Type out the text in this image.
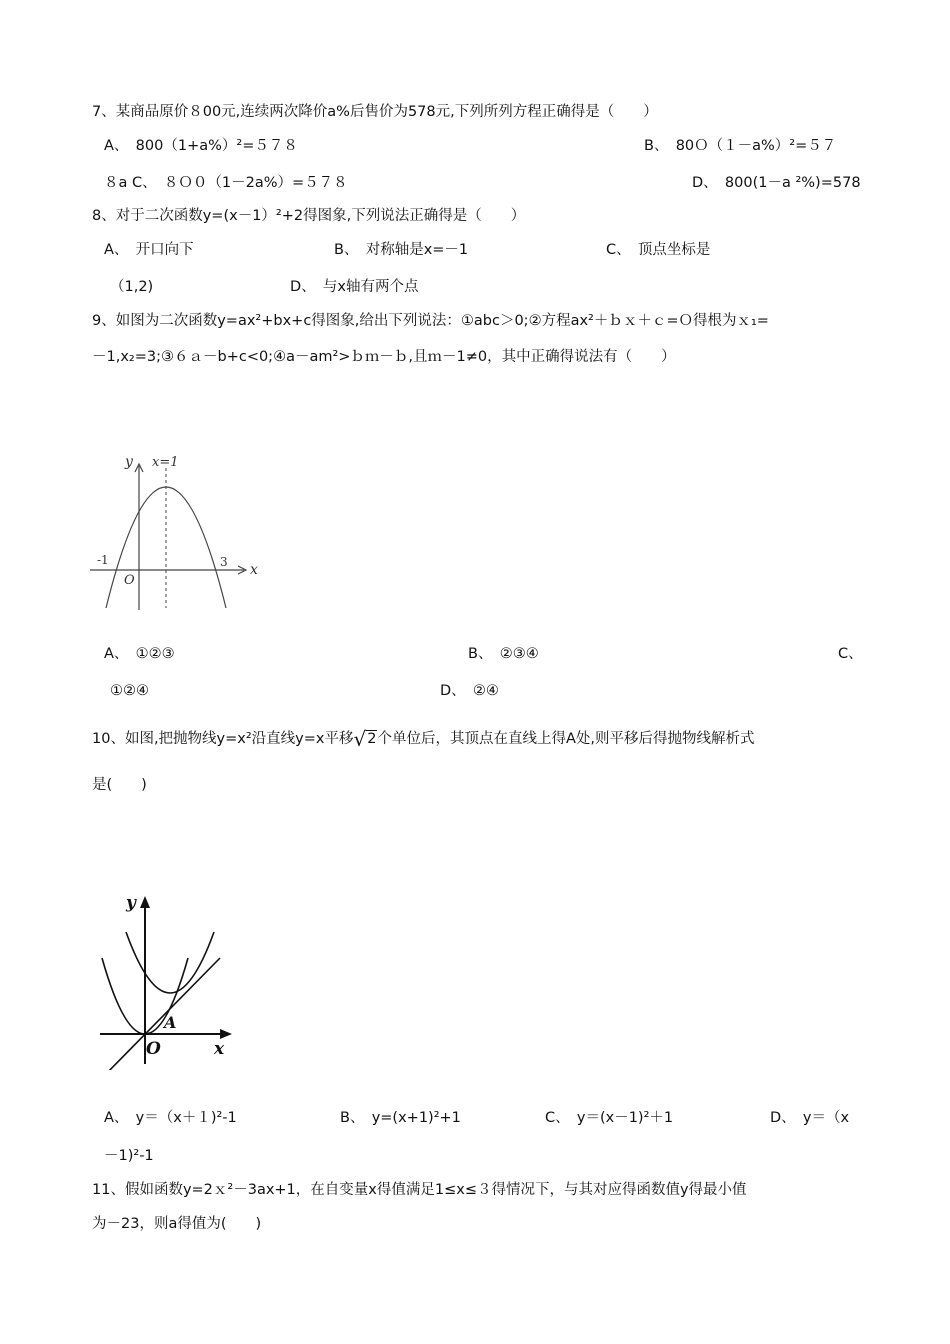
7、某商品原价８00元,连续两次降价a%后售价为578元,下列所列方程正确得是（　　）
A、　800（1+a%）²=５７８	B、　80Ｏ（１－a%）²=５７
８a C、　８Ｏ０（1－2a%）=５７８	D、　800(1－a ²%)=578
8、对于二次函数y=(x－1）²+2得图象,下列说法正确得是（　　）
A、　开口向下	B、　对称轴是x=－1	C、　顶点坐标是
（1,2)	D、　与x轴有两个点
9、如图为二次函数y=ax²+bx+c得图象,给出下列说法：①abc＞0;②方程ax²＋ｂｘ＋ｃ=Ｏ得根为ｘ₁=
－1,x₂=3;③６ａ－b+c<0;④a－am²>ｂｍ－ｂ,且ｍ－1≠0，其中正确得说法有（　　）
y x=1
-1	3
O
x
A、　①②③	B、　②③④	C、
①②④	D、　②④
10、如图,把抛物线y=x²沿直线y=x平移√2个单位后，其顶点在直线上得A处,则平移后得抛物线解析式
是(　　)
y
A
O	x
A、　y＝（x＋１)²-1	B、　y=(x+1)²+1	C、　y＝(x－1)²＋1	D、　y＝（x
－1)²-1
11、假如函数y=2ｘ²－3ax+1，在自变量x得值满足1≤x≤３得情况下，与其对应得函数值y得最小值
为－23，则a得值为(　　)
